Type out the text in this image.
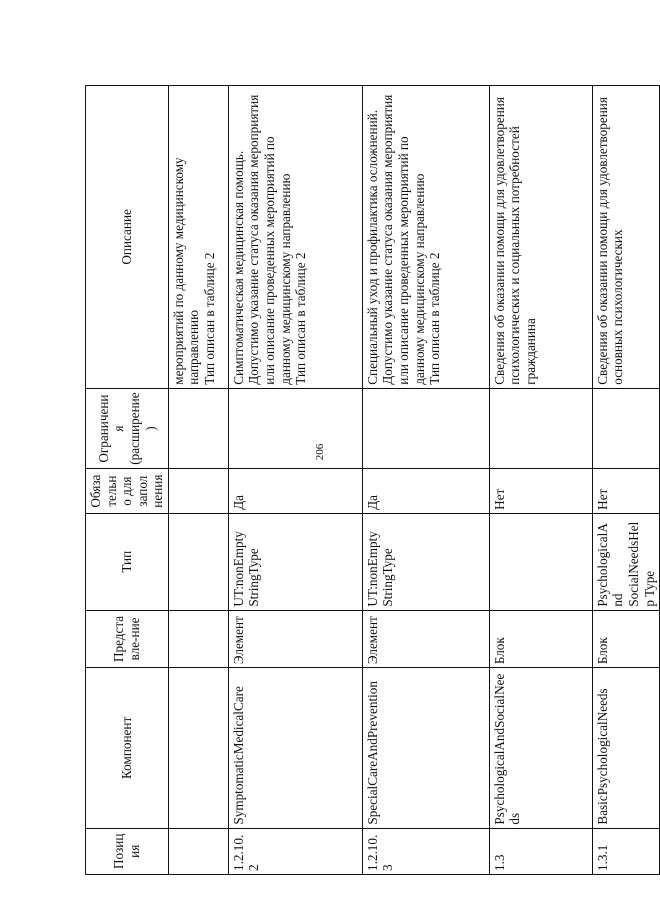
206
Позиция	Компонент	Представле-ние	Тип	Обязательно для заполнения	Ограничения (расширение)	Описание
						мероприятий по данному медицинскому направлению
Тип описан в таблице 2
1.2.10.2	SymptomaticMedicalCare	Элемент	UT:nonEmpty StringType	Да		Симптоматическая медицинская помощь.
Допустимо указание статуса оказания мероприятия или описание проведенных мероприятий по данному медицинскому направлению
Тип описан в таблице 2
1.2.10.3	SpecialCareAndPrevention	Элемент	UT:nonEmpty StringType	Да		Специальный уход и профилактика осложнений.
Допустимо указание статуса оказания мероприятия или описание проведенных мероприятий по данному медицинскому направлению
Тип описан в таблице 2
1.3	PsychologicalAndSocialNeeds	Блок		Нет		Сведения об оказании помощи для удовлетворения психологических и социальных потребностей гражданина
1.3.1	BasicPsychologicalNeeds	Блок	PsychologicalAnd SocialNeedsHelp Type	Нет		Сведения об оказании помощи для удовлетворения основных психологических
